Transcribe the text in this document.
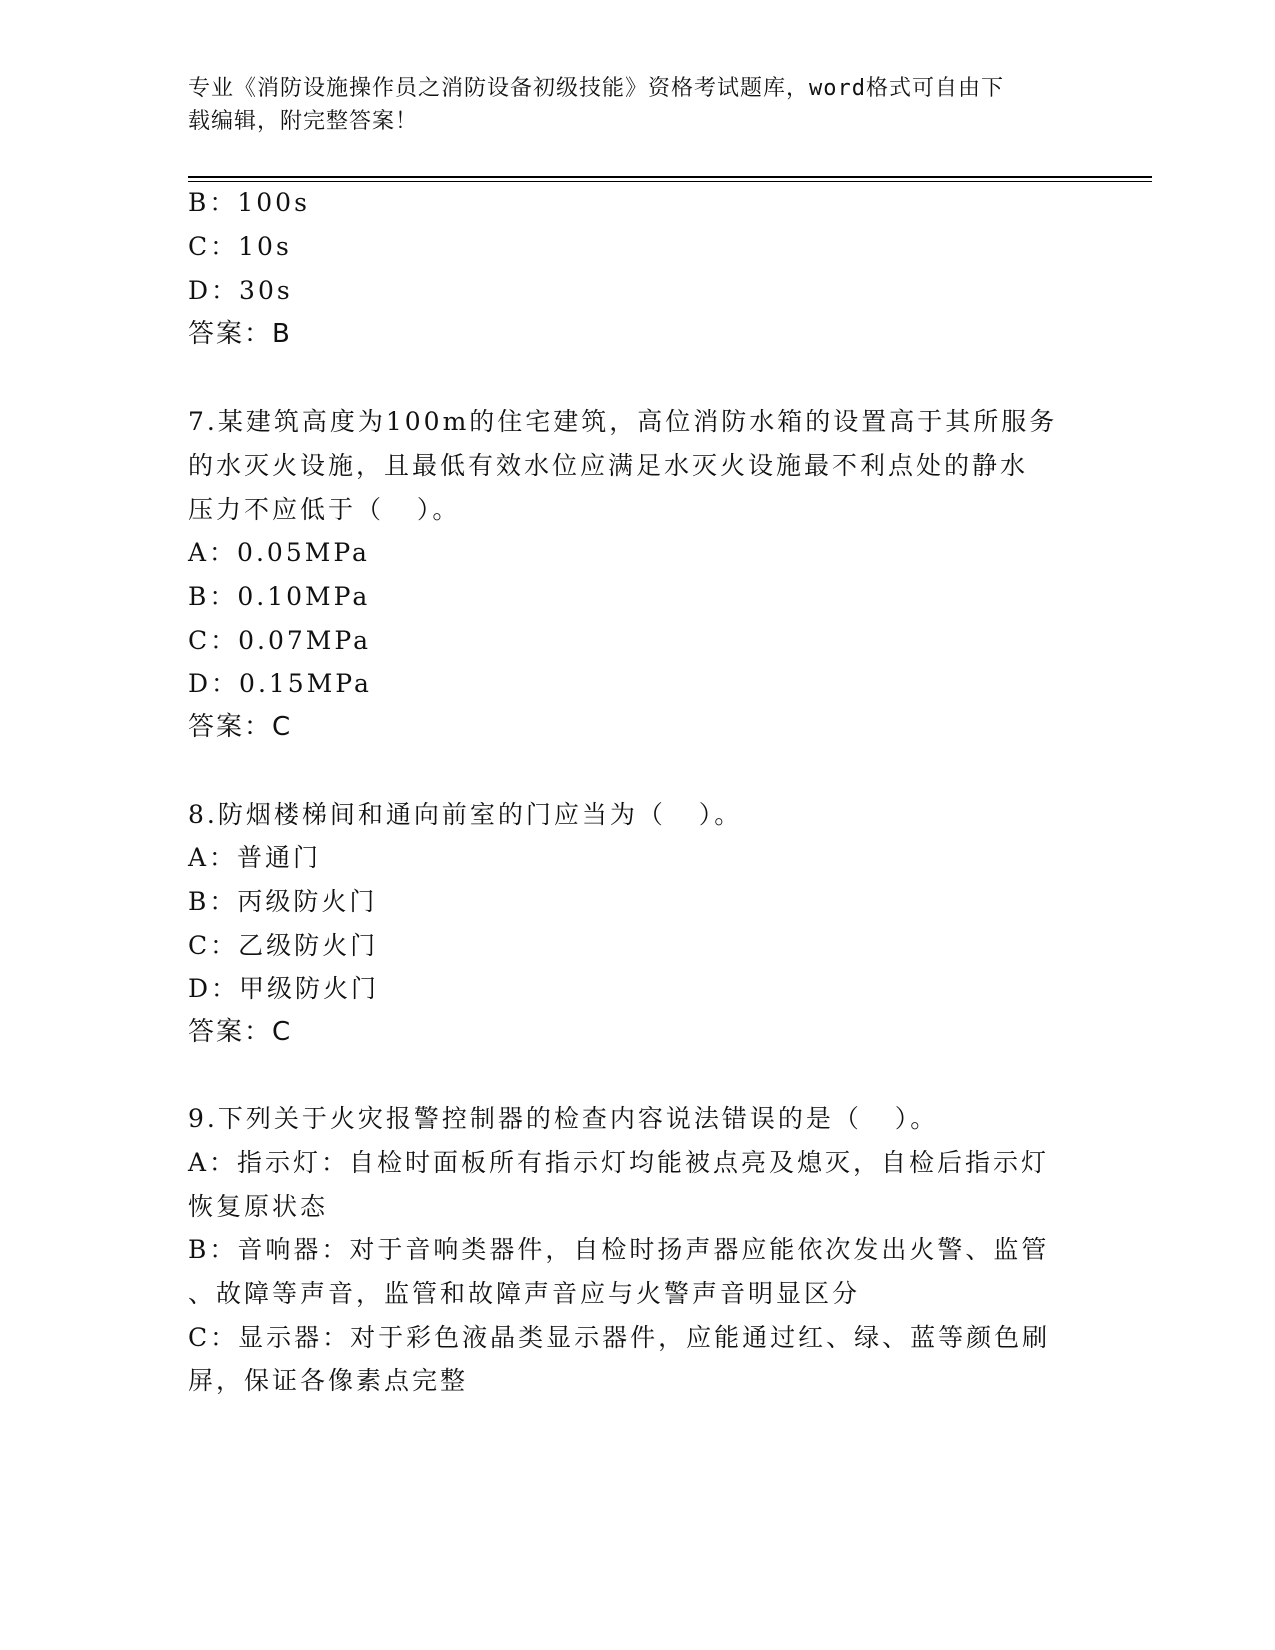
专业《消防设施操作员之消防设备初级技能》资格考试题库，word格式可自由下
载编辑，附完整答案！
B：100s
C：10s
D：30s
答案：B
7.某建筑高度为100m的住宅建筑，高位消防水箱的设置高于其所服务
的水灭火设施，且最低有效水位应满足水灭火设施最不利点处的静水
压力不应低于（   ）。
A：0.05MPa
B：0.10MPa
C：0.07MPa
D：0.15MPa
答案：C
8.防烟楼梯间和通向前室的门应当为（   ）。
A：普通门
B：丙级防火门
C：乙级防火门
D：甲级防火门
答案：C
9.下列关于火灾报警控制器的检查内容说法错误的是（   ）。
A：指示灯：自检时面板所有指示灯均能被点亮及熄灭，自检后指示灯
恢复原状态
B：音响器：对于音响类器件，自检时扬声器应能依次发出火警、监管
、故障等声音，监管和故障声音应与火警声音明显区分
C：显示器：对于彩色液晶类显示器件，应能通过红、绿、蓝等颜色刷
屏，保证各像素点完整
